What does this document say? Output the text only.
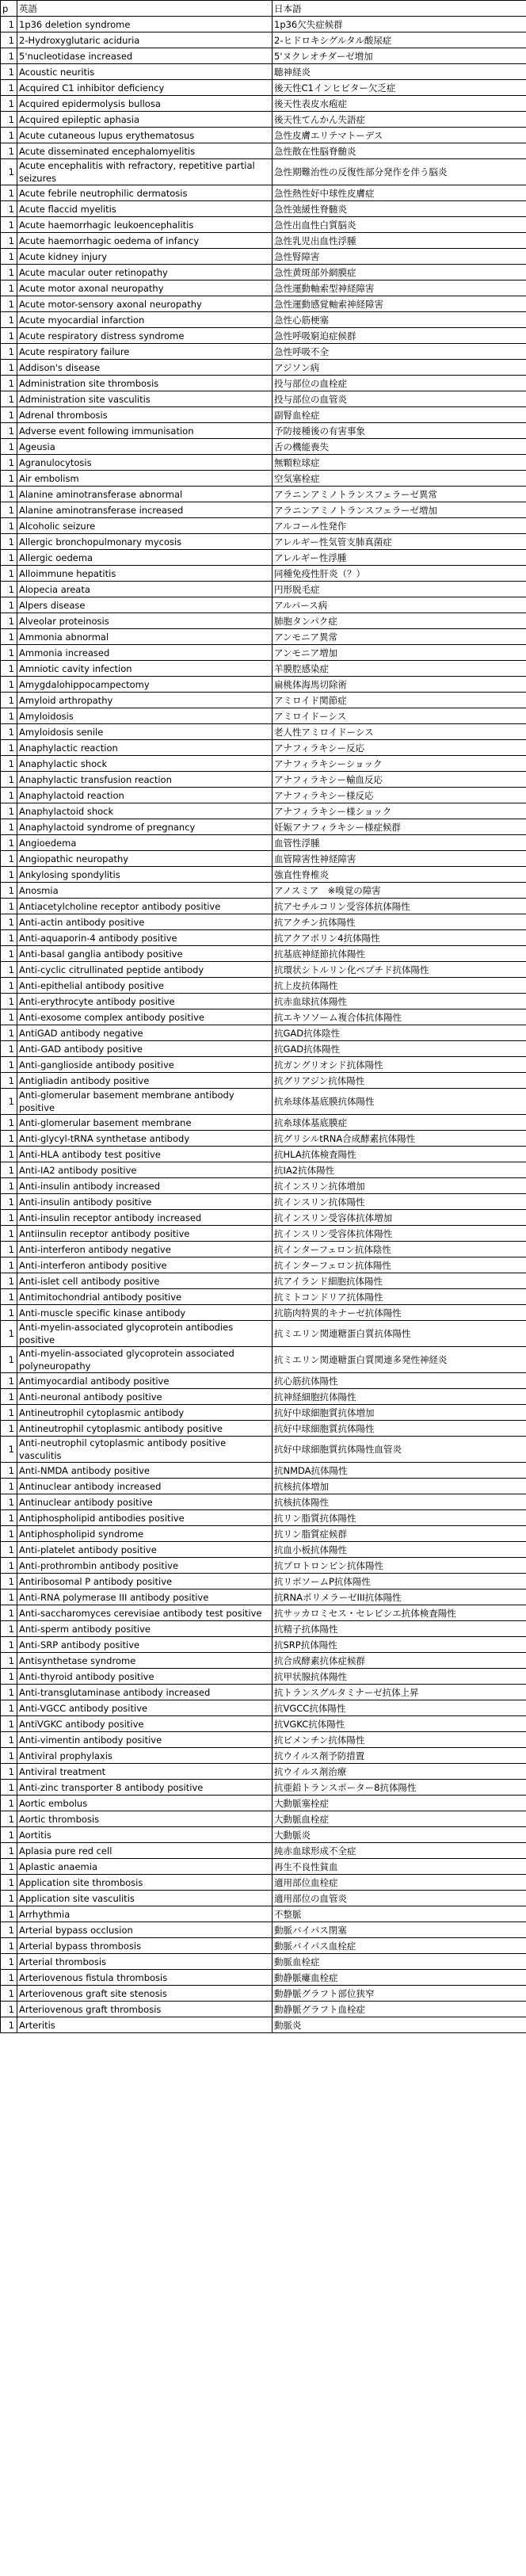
p	英語	日本語
1	1p36 deletion syndrome	1p36欠失症候群
1	2-Hydroxyglutaric aciduria	2-ヒドロキシグルタル酸尿症
1	5'nucleotidase increased	5'ヌクレオチダーゼ増加
1	Acoustic neuritis	聴神経炎
1	Acquired C1 inhibitor deficiency	後天性C1インヒビター欠乏症
1	Acquired epidermolysis bullosa	後天性表皮水疱症
1	Acquired epileptic aphasia	後天性てんかん失語症
1	Acute cutaneous lupus erythematosus	急性皮膚エリテマトーデス
1	Acute disseminated encephalomyelitis	急性散在性脳脊髄炎
1	Acute encephalitis with refractory, repetitive partial seizures	急性期難治性の反復性部分発作を伴う脳炎
1	Acute febrile neutrophilic dermatosis	急性熱性好中球性皮膚症
1	Acute flaccid myelitis	急性弛緩性脊髄炎
1	Acute haemorrhagic leukoencephalitis	急性出血性白質脳炎
1	Acute haemorrhagic oedema of infancy	急性乳児出血性浮腫
1	Acute kidney injury	急性腎障害
1	Acute macular outer retinopathy	急性黄斑部外網膜症
1	Acute motor axonal neuropathy	急性運動軸索型神経障害
1	Acute motor-sensory axonal neuropathy	急性運動感覚軸索神経障害
1	Acute myocardial infarction	急性心筋梗塞
1	Acute respiratory distress syndrome	急性呼吸窮迫症候群
1	Acute respiratory failure	急性呼吸不全
1	Addison's disease	アジソン病
1	Administration site thrombosis	投与部位の血栓症
1	Administration site vasculitis	投与部位の血管炎
1	Adrenal thrombosis	副腎血栓症
1	Adverse event following immunisation	予防接種後の有害事象
1	Ageusia	舌の機能喪失
1	Agranulocytosis	無顆粒球症
1	Air embolism	空気塞栓症
1	Alanine aminotransferase abnormal	アラニンアミノトランスフェラーゼ異常
1	Alanine aminotransferase increased	アラニンアミノトランスフェラーゼ増加
1	Alcoholic seizure	アルコール性発作
1	Allergic bronchopulmonary mycosis	アレルギー性気管支肺真菌症
1	Allergic oedema	アレルギー性浮腫
1	Alloimmune hepatitis	同種免疫性肝炎（？）
1	Alopecia areata	円形脱毛症
1	Alpers disease	アルパース病
1	Alveolar proteinosis	肺胞タンパク症
1	Ammonia abnormal	アンモニア異常
1	Ammonia increased	アンモニア増加
1	Amniotic cavity infection	羊膜腔感染症
1	Amygdalohippocampectomy	扁桃体海馬切除術
1	Amyloid arthropathy	アミロイド関節症
1	Amyloidosis	アミロイドーシス
1	Amyloidosis senile	老人性アミロイドーシス
1	Anaphylactic reaction	アナフィラキシー反応
1	Anaphylactic shock	アナフィラキシーショック
1	Anaphylactic transfusion reaction	アナフィラキシー輸血反応
1	Anaphylactoid reaction	アナフィラキシー様反応
1	Anaphylactoid shock	アナフィラキシー様ショック
1	Anaphylactoid syndrome of pregnancy	妊娠アナフィラキシー様症候群
1	Angioedema	血管性浮腫
1	Angiopathic neuropathy	血管障害性神経障害
1	Ankylosing spondylitis	強直性脊椎炎
1	Anosmia	アノスミア　※嗅覚の障害
1	Antiacetylcholine receptor antibody positive	抗アセチルコリン受容体抗体陽性
1	Anti-actin antibody positive	抗アクチン抗体陽性
1	Anti-aquaporin-4 antibody positive	抗アクアポリン4抗体陽性
1	Anti-basal ganglia antibody positive	抗基底神経節抗体陽性
1	Anti-cyclic citrullinated peptide antibody	抗環状シトルリン化ペプチド抗体陽性
1	Anti-epithelial antibody positive	抗上皮抗体陽性
1	Anti-erythrocyte antibody positive	抗赤血球抗体陽性
1	Anti-exosome complex antibody positive	抗エキソソーム複合体抗体陽性
1	AntiGAD antibody negative	抗GAD抗体陰性
1	Anti-GAD antibody positive	抗GAD抗体陽性
1	Anti-ganglioside antibody positive	抗ガングリオシド抗体陽性
1	Antigliadin antibody positive	抗グリアジン抗体陽性
1	Anti-glomerular basement membrane antibody positive	抗糸球体基底膜抗体陽性
1	Anti-glomerular basement membrane	抗糸球体基底膜症
1	Anti-glycyl-tRNA synthetase antibody	抗グリシルtRNA合成酵素抗体陽性
1	Anti-HLA antibody test positive	抗HLA抗体検査陽性
1	Anti-IA2 antibody positive	抗IA2抗体陽性
1	Anti-insulin antibody increased	抗インスリン抗体増加
1	Anti-insulin antibody positive	抗インスリン抗体陽性
1	Anti-insulin receptor antibody increased	抗インスリン受容体抗体増加
1	Antiinsulin receptor antibody positive	抗インスリン受容体抗体陽性
1	Anti-interferon antibody negative	抗インターフェロン抗体陰性
1	Anti-interferon antibody positive	抗インターフェロン抗体陽性
1	Anti-islet cell antibody positive	抗アイランド細胞抗体陽性
1	Antimitochondrial antibody positive	抗ミトコンドリア抗体陽性
1	Anti-muscle specific kinase antibody	抗筋肉特異的キナーゼ抗体陽性
1	Anti-myelin-associated glycoprotein antibodies positive	抗ミエリン関連糖蛋白質抗体陽性
1	Anti-myelin-associated glycoprotein associated polyneuropathy	抗ミエリン関連糖蛋白質関連多発性神経炎
1	Antimyocardial antibody positive	抗心筋抗体陽性
1	Anti-neuronal antibody positive	抗神経細胞抗体陽性
1	Antineutrophil cytoplasmic antibody	抗好中球細胞質抗体増加
1	Antineutrophil cytoplasmic antibody positive	抗好中球細胞質抗体陽性
1	Anti-neutrophil cytoplasmic antibody positive vasculitis	抗好中球細胞質抗体陽性血管炎
1	Anti-NMDA antibody positive	抗NMDA抗体陽性
1	Antinuclear antibody increased	抗核抗体増加
1	Antinuclear antibody positive	抗核抗体陽性
1	Antiphospholipid antibodies positive	抗リン脂質抗体陽性
1	Antiphospholipid syndrome	抗リン脂質症候群
1	Anti-platelet antibody positive	抗血小板抗体陽性
1	Anti-prothrombin antibody positive	抗プロトロンビン抗体陽性
1	Antiribosomal P antibody positive	抗リボソームP抗体陽性
1	Anti-RNA polymerase III antibody positive	抗RNAポリメラーゼIII抗体陽性
1	Anti-saccharomyces cerevisiae antibody test positive	抗サッカロミセス・セレビシエ抗体検査陽性
1	Anti-sperm antibody positive	抗精子抗体陽性
1	Anti-SRP antibody positive	抗SRP抗体陽性
1	Antisynthetase syndrome	抗合成酵素抗体症候群
1	Anti-thyroid antibody positive	抗甲状腺抗体陽性
1	Anti-transglutaminase antibody increased	抗トランスグルタミナーゼ抗体上昇
1	Anti-VGCC antibody positive	抗VGCC抗体陽性
1	AntiVGKC antibody positive	抗VGKC抗体陽性
1	Anti-vimentin antibody positive	抗ビメンチン抗体陽性
1	Antiviral prophylaxis	抗ウイルス剤予防措置
1	Antiviral treatment	抗ウイルス剤治療
1	Anti-zinc transporter 8 antibody positive	抗亜鉛トランスポーター8抗体陽性
1	Aortic embolus	大動脈塞栓症
1	Aortic thrombosis	大動脈血栓症
1	Aortitis	大動脈炎
1	Aplasia pure red cell	純赤血球形成不全症
1	Aplastic anaemia	再生不良性貧血
1	Application site thrombosis	適用部位血栓症
1	Application site vasculitis	適用部位の血管炎
1	Arrhythmia	不整脈
1	Arterial bypass occlusion	動脈バイパス閉塞
1	Arterial bypass thrombosis	動脈バイパス血栓症
1	Arterial thrombosis	動脈血栓症
1	Arteriovenous fistula thrombosis	動静脈瘻血栓症
1	Arteriovenous graft site stenosis	動静脈グラフト部位狭窄
1	Arteriovenous graft thrombosis	動静脈グラフト血栓症
1	Arteritis	動脈炎
